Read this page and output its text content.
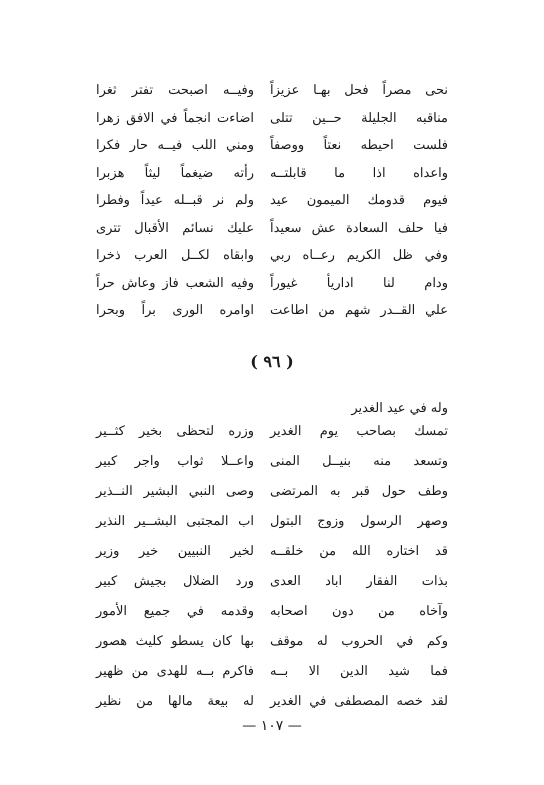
نحى مصراً فحل بهـا عزيزاً
وفيــه اصبحت تفتر ثغرا
مناقبه الجليلة حــين تتلى
اضاءت انجماً في الافق زهرا
فلست احيطه نعتاً ووصفاً
ومني اللب فيــه حار فكرا
واعداه اذا ما قابلتــه
رأته ضيغماً ليثاً هزبرا
فيوم قدومك الميمون عيد
ولم نر قبــله عيداً وفطرا
فيا حلف السعادة عش سعيداً
عليك نسائم الأقبال تترى
وفي ظل الكريم رعــاه ربي
وابقاه لكــل العرب ذخرا
ودام لنا اداريأ غيوراً
وفيه الشعب فاز وعاش حراً
علي القــدر شهم من اطاعت
اوامره الورى براً وبحرا
( ٩٦ )
وله في عيد الغدير
تمسك بصاحب يوم الغدير
وزره لتحظى بخير كثــير
وتسعد منه بنيــل المنى
واعــلا ثواب واجر كبير
وطف حول قبر به المرتضى
وصى النبي البشير النــذير
وصهر الرسول وزوج البتول
اب المجتبى البشــير النذير
قد اختاره الله من خلقــه
لخير النبيين خير وزير
بذات الفقار اباد العدى
ورد الضلال بجيش كبير
وآخاه من دون اصحابه
وقدمه في جميع الأمور
وكم في الحروب له موقف
بها كان يسطو كليث هصور
فما شيد الدين الا بــه
فاكرم بــه للهدى من ظهير
لقد خصه المصطفى في الغدير
له بيعة مالها من نظير
— ١٠٧ —
